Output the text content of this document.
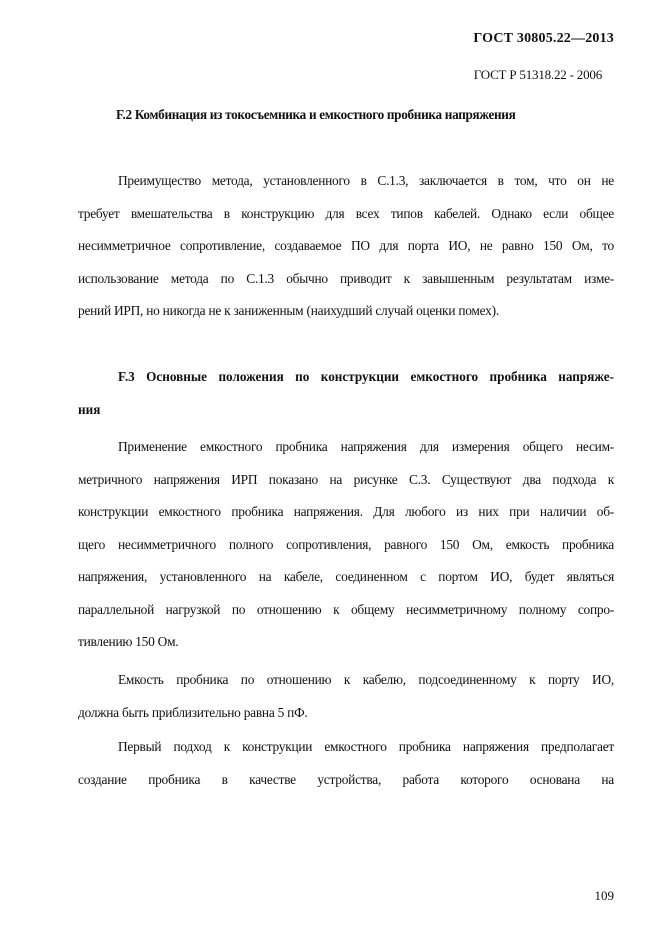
ГОСТ 30805.22—2013
ГОСТ Р 51318.22 - 2006
F.2 Комбинация из токосъемника и емкостного пробника напряжения
Преимущество метода, установленного в С.1.3, заключается в том, что он не
требует вмешательства в конструкцию для всех типов кабелей. Однако если общее
несимметричное сопротивление, создаваемое ПО для порта ИО, не равно 150 Ом, то
использование метода по С.1.3 обычно приводит к завышенным результатам изме-
рений ИРП, но никогда не к заниженным (наихудший случай оценки помех).
F.3 Основные положения по конструкции емкостного пробника напряже-
ния
Применение емкостного пробника напряжения для измерения общего несим-
метричного напряжения ИРП показано на рисунке С.3. Существуют два подхода к
конструкции емкостного пробника напряжения. Для любого из них при наличии об-
щего несимметричного полного сопротивления, равного 150 Ом, емкость пробника
напряжения, установленного на кабеле, соединенном с портом ИО, будет являться
параллельной нагрузкой по отношению к общему несимметричному полному сопро-
тивлению 150 Ом.
Емкость пробника по отношению к кабелю, подсоединенному к порту ИО,
должна быть приблизительно равна 5 пФ.
Первый подход к конструкции емкостного пробника напряжения предполагает
создание пробника в качестве устройства, работа которого основана на
109
